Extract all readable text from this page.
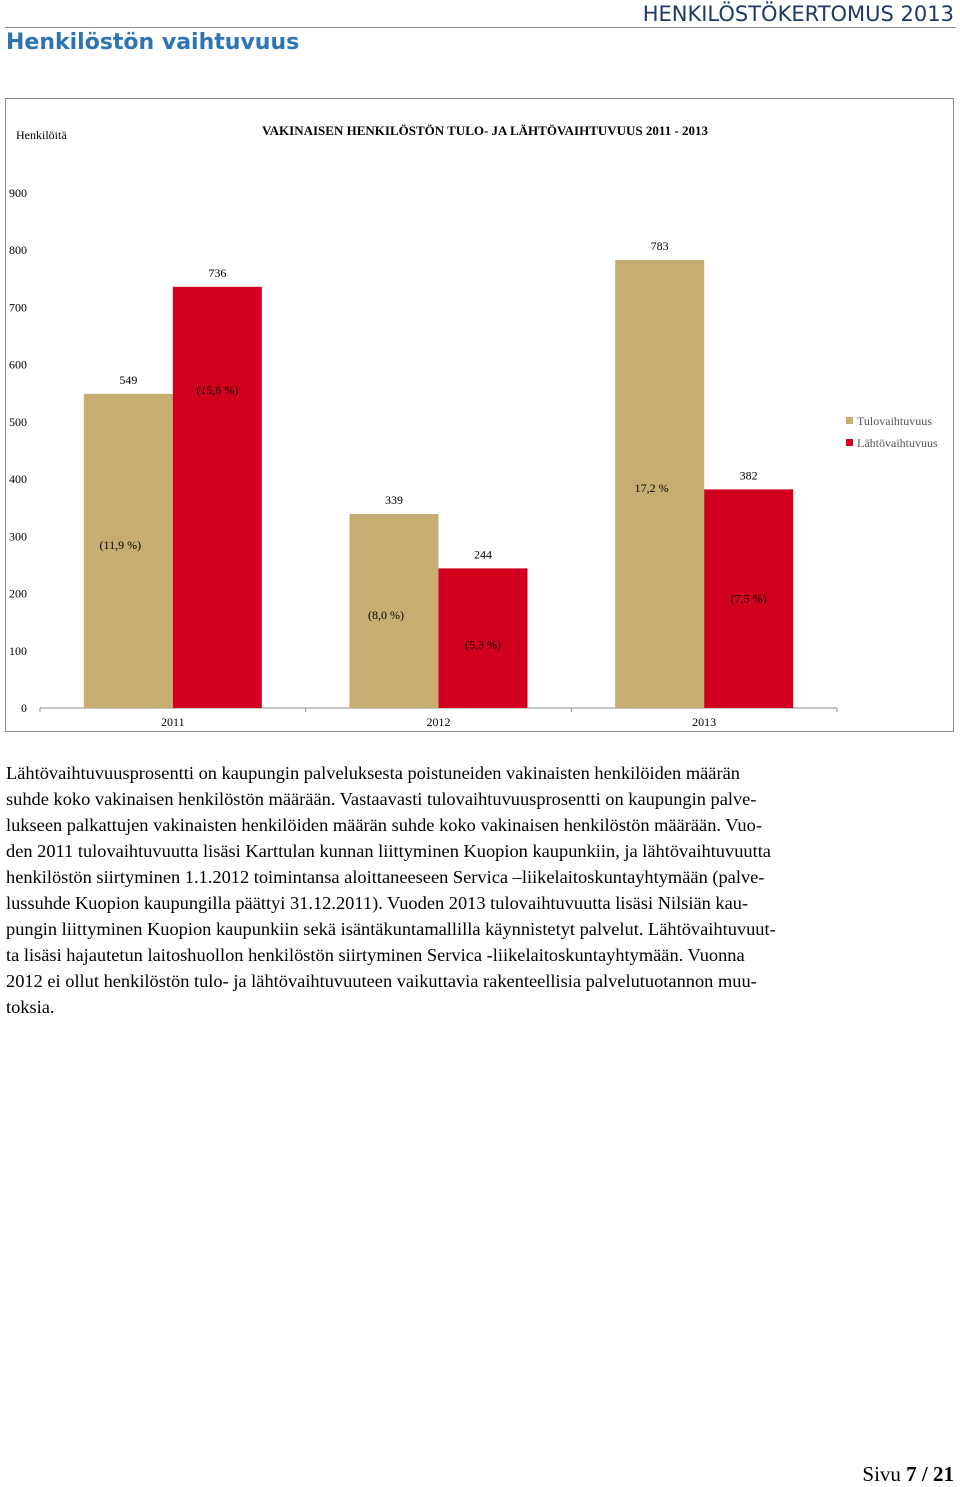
HENKILÖSTÖKERTOMUS 2013
Henkilöstön vaihtuvuus
VAKINAISEN HENKILÖSTÖN TULO- JA LÄHTÖVAIHTUVUUS 2011 - 2013
Henkilöitä
0
100
200
300
400
500
600
700
800
900
549
(11,9 %)
736
(15,6 %)
2011
339
(8,0 %)
244
(5,3 %)
2012
783
17,2 %
382
(7,5 %)
2013
Tulovaihtuvuus
Lähtövaihtuvuus
Lähtövaihtuvuusprosentti on kaupungin palveluksesta poistuneiden vakinaisten henkilöiden määrän
suhde koko vakinaisen henkilöstön määrään. Vastaavasti tulovaihtuvuusprosentti on kaupungin palve-
lukseen palkattujen vakinaisten henkilöiden määrän suhde koko vakinaisen henkilöstön määrään. Vuo-
den 2011 tulovaihtuvuutta lisäsi Karttulan kunnan liittyminen Kuopion kaupunkiin, ja lähtövaihtuvuutta
henkilöstön siirtyminen 1.1.2012 toimintansa aloittaneeseen Servica –liikelaitoskuntayhtymään (palve-
lussuhde Kuopion kaupungilla päättyi 31.12.2011). Vuoden 2013 tulovaihtuvuutta lisäsi Nilsiän kau-
pungin liittyminen Kuopion kaupunkiin sekä isäntäkuntamallilla käynnistetyt palvelut. Lähtövaihtuvuut-
ta lisäsi hajautetun laitoshuollon henkilöstön siirtyminen Servica -liikelaitoskuntayhtymään. Vuonna
2012 ei ollut henkilöstön tulo- ja lähtövaihtuvuuteen vaikuttavia rakenteellisia palvelutuotannon muu-
toksia.
Sivu 7 / 21
